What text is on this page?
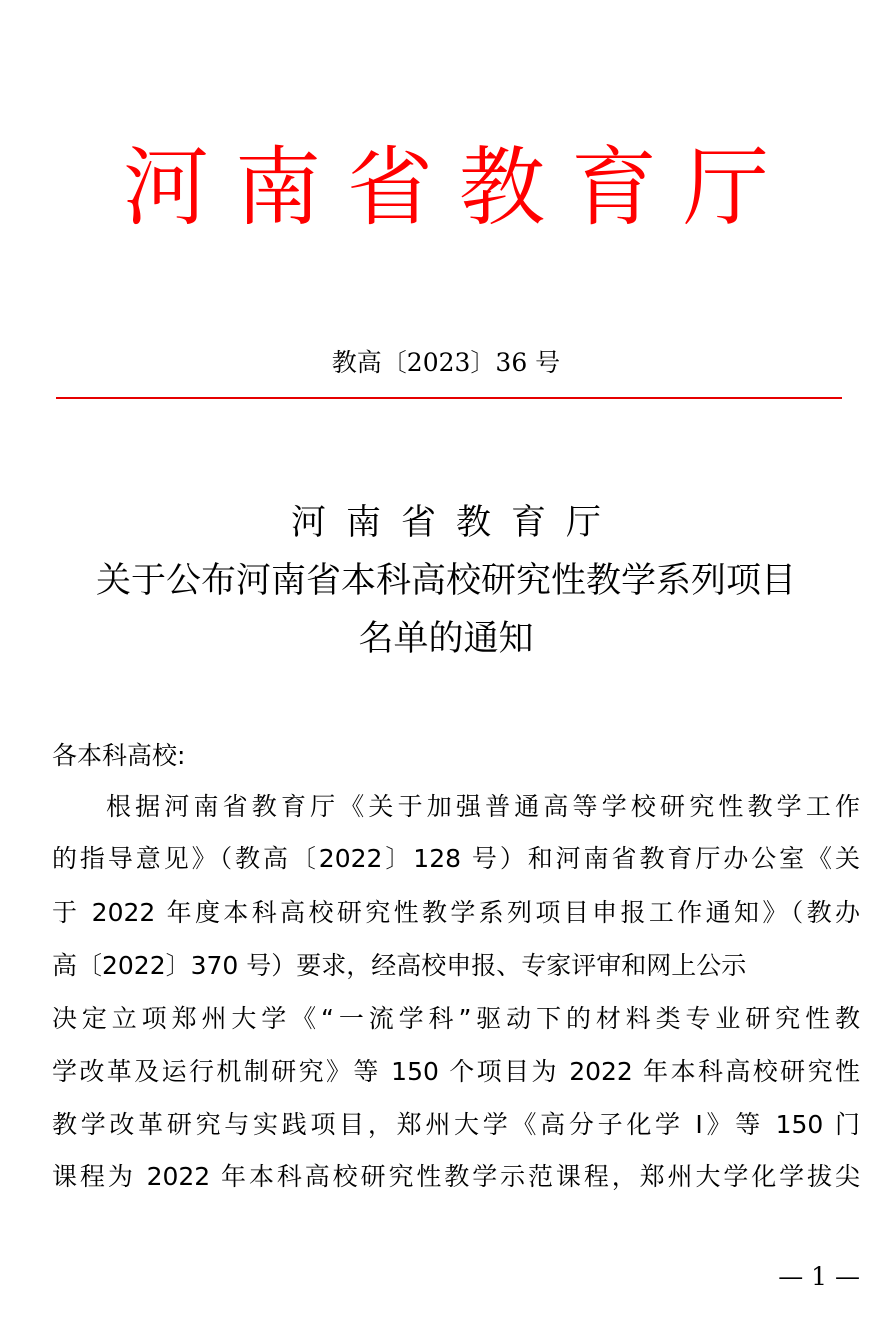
河南省教育厅
教高〔2023〕36 号
河南省教育厅
关于公布河南省本科高校研究性教学系列项目
名单的通知
各本科高校:
根据河南省教育厅《关于加强普通高等学校研究性教学工作
的指导意见》（教高〔2022〕128 号）和河南省教育厅办公室《关
于 2022 年度本科高校研究性教学系列项目申报工作通知》（教办
高〔2022〕370 号）要求，经高校申报、专家评审和网上公示
决定立项郑州大学《“一流学科”驱动下的材料类专业研究性教
学改革及运行机制研究》等 150 个项目为 2022 年本科高校研究性
教学改革研究与实践项目，郑州大学《高分子化学 I》等 150 门
课程为 2022 年本科高校研究性教学示范课程，郑州大学化学拔尖
— 1 —
